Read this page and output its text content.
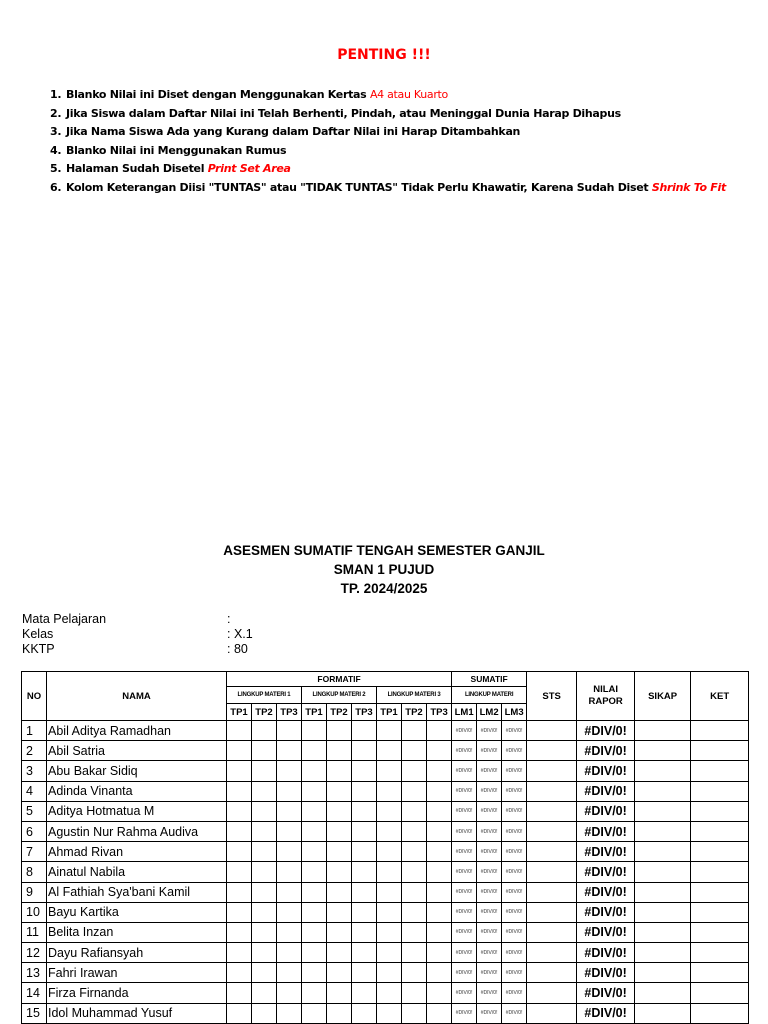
PENTING !!!
1. Blanko Nilai ini Diset dengan Menggunakan Kertas A4 atau Kuarto
2. Jika Siswa dalam Daftar Nilai ini Telah Berhenti, Pindah, atau Meninggal Dunia Harap Dihapus
3. Jika Nama Siswa Ada yang Kurang dalam Daftar Nilai ini Harap Ditambahkan
4. Blanko Nilai ini Menggunakan Rumus
5. Halaman Sudah Disetel Print Set Area
6. Kolom Keterangan Diisi "TUNTAS" atau "TIDAK TUNTAS" Tidak Perlu Khawatir, Karena Sudah Diset Shrink To Fit
ASESMEN SUMATIF TENGAH SEMESTER GANJIL
SMAN 1 PUJUD
TP. 2024/2025
Mata Pelajaran	:
Kelas	: X.1
KKTP	: 80
NO	NAMA	FORMATIF									SUMATIF			STS	NILAI RAPOR	SIKAP	KET
		LINGKUP MATERI 1			LINGKUP MATERI 2			LINGKUP MATERI 3			LINGKUP MATERI						
		TP1	TP2	TP3	TP1	TP2	TP3	TP1	TP2	TP3	LM1	LM2	LM3				
1	Abil Aditya Ramadhan										#DIV/0!	#DIV/0!	#DIV/0!		#DIV/0!		
2	Abil Satria										#DIV/0!	#DIV/0!	#DIV/0!		#DIV/0!		
3	Abu Bakar Sidiq										#DIV/0!	#DIV/0!	#DIV/0!		#DIV/0!		
4	Adinda Vinanta										#DIV/0!	#DIV/0!	#DIV/0!		#DIV/0!		
5	Aditya Hotmatua M										#DIV/0!	#DIV/0!	#DIV/0!		#DIV/0!		
6	Agustin Nur Rahma Audiva										#DIV/0!	#DIV/0!	#DIV/0!		#DIV/0!		
7	Ahmad Rivan										#DIV/0!	#DIV/0!	#DIV/0!		#DIV/0!		
8	Ainatul Nabila										#DIV/0!	#DIV/0!	#DIV/0!		#DIV/0!		
9	Al Fathiah Sya'bani Kamil										#DIV/0!	#DIV/0!	#DIV/0!		#DIV/0!		
10	Bayu Kartika										#DIV/0!	#DIV/0!	#DIV/0!		#DIV/0!		
11	Belita Inzan										#DIV/0!	#DIV/0!	#DIV/0!		#DIV/0!		
12	Dayu Rafiansyah										#DIV/0!	#DIV/0!	#DIV/0!		#DIV/0!		
13	Fahri Irawan										#DIV/0!	#DIV/0!	#DIV/0!		#DIV/0!		
14	Firza Firnanda										#DIV/0!	#DIV/0!	#DIV/0!		#DIV/0!		
15	Idol Muhammad Yusuf										#DIV/0!	#DIV/0!	#DIV/0!		#DIV/0!		
